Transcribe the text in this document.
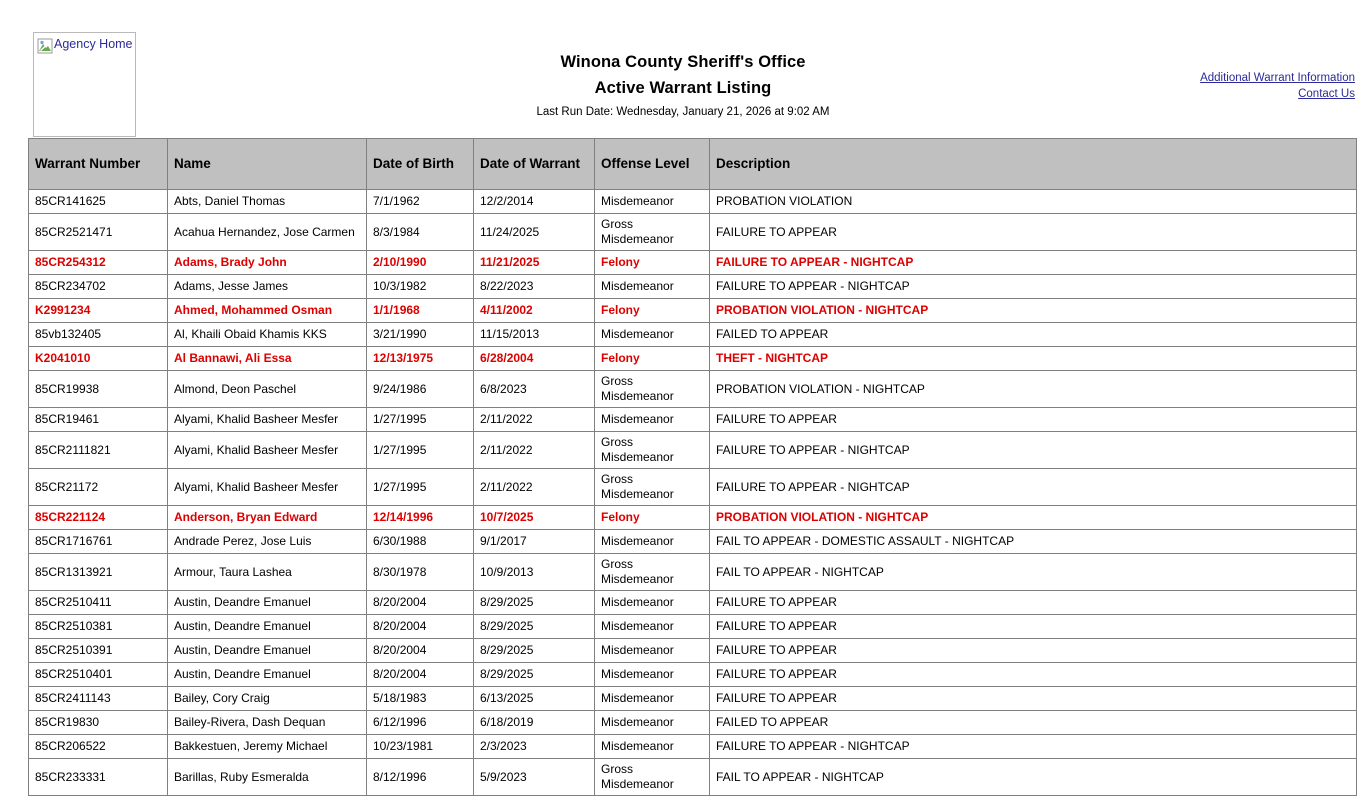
Agency Home
Winona County Sheriff's Office
Active Warrant Listing
Last Run Date: Wednesday, January 21, 2026 at 9:02 AM
Additional Warrant Information
Contact Us
Warrant Number	Name	Date of Birth	Date of Warrant	Offense Level	Description
85CR141625	Abts, Daniel Thomas	7/1/1962	12/2/2014	Misdemeanor	PROBATION VIOLATION
85CR2521471	Acahua Hernandez, Jose Carmen	8/3/1984	11/24/2025	Gross Misdemeanor	FAILURE TO APPEAR
85CR254312	Adams, Brady John	2/10/1990	11/21/2025	Felony	FAILURE TO APPEAR - NIGHTCAP
85CR234702	Adams, Jesse James	10/3/1982	8/22/2023	Misdemeanor	FAILURE TO APPEAR - NIGHTCAP
K2991234	Ahmed, Mohammed Osman	1/1/1968	4/11/2002	Felony	PROBATION VIOLATION - NIGHTCAP
85vb132405	Al, Khaili Obaid Khamis KKS	3/21/1990	11/15/2013	Misdemeanor	FAILED TO APPEAR
K2041010	Al Bannawi, Ali Essa	12/13/1975	6/28/2004	Felony	THEFT - NIGHTCAP
85CR19938	Almond, Deon Paschel	9/24/1986	6/8/2023	Gross Misdemeanor	PROBATION VIOLATION - NIGHTCAP
85CR19461	Alyami, Khalid Basheer Mesfer	1/27/1995	2/11/2022	Misdemeanor	FAILURE TO APPEAR
85CR2111821	Alyami, Khalid Basheer Mesfer	1/27/1995	2/11/2022	Gross Misdemeanor	FAILURE TO APPEAR - NIGHTCAP
85CR21172	Alyami, Khalid Basheer Mesfer	1/27/1995	2/11/2022	Gross Misdemeanor	FAILURE TO APPEAR - NIGHTCAP
85CR221124	Anderson, Bryan Edward	12/14/1996	10/7/2025	Felony	PROBATION VIOLATION - NIGHTCAP
85CR1716761	Andrade Perez, Jose Luis	6/30/1988	9/1/2017	Misdemeanor	FAIL TO APPEAR - DOMESTIC ASSAULT - NIGHTCAP
85CR1313921	Armour, Taura Lashea	8/30/1978	10/9/2013	Gross Misdemeanor	FAIL TO APPEAR - NIGHTCAP
85CR2510411	Austin, Deandre Emanuel	8/20/2004	8/29/2025	Misdemeanor	FAILURE TO APPEAR
85CR2510381	Austin, Deandre Emanuel	8/20/2004	8/29/2025	Misdemeanor	FAILURE TO APPEAR
85CR2510391	Austin, Deandre Emanuel	8/20/2004	8/29/2025	Misdemeanor	FAILURE TO APPEAR
85CR2510401	Austin, Deandre Emanuel	8/20/2004	8/29/2025	Misdemeanor	FAILURE TO APPEAR
85CR2411143	Bailey, Cory Craig	5/18/1983	6/13/2025	Misdemeanor	FAILURE TO APPEAR
85CR19830	Bailey-Rivera, Dash Dequan	6/12/1996	6/18/2019	Misdemeanor	FAILED TO APPEAR
85CR206522	Bakkestuen, Jeremy Michael	10/23/1981	2/3/2023	Misdemeanor	FAILURE TO APPEAR - NIGHTCAP
85CR233331	Barillas, Ruby Esmeralda	8/12/1996	5/9/2023	Gross Misdemeanor	FAIL TO APPEAR - NIGHTCAP
